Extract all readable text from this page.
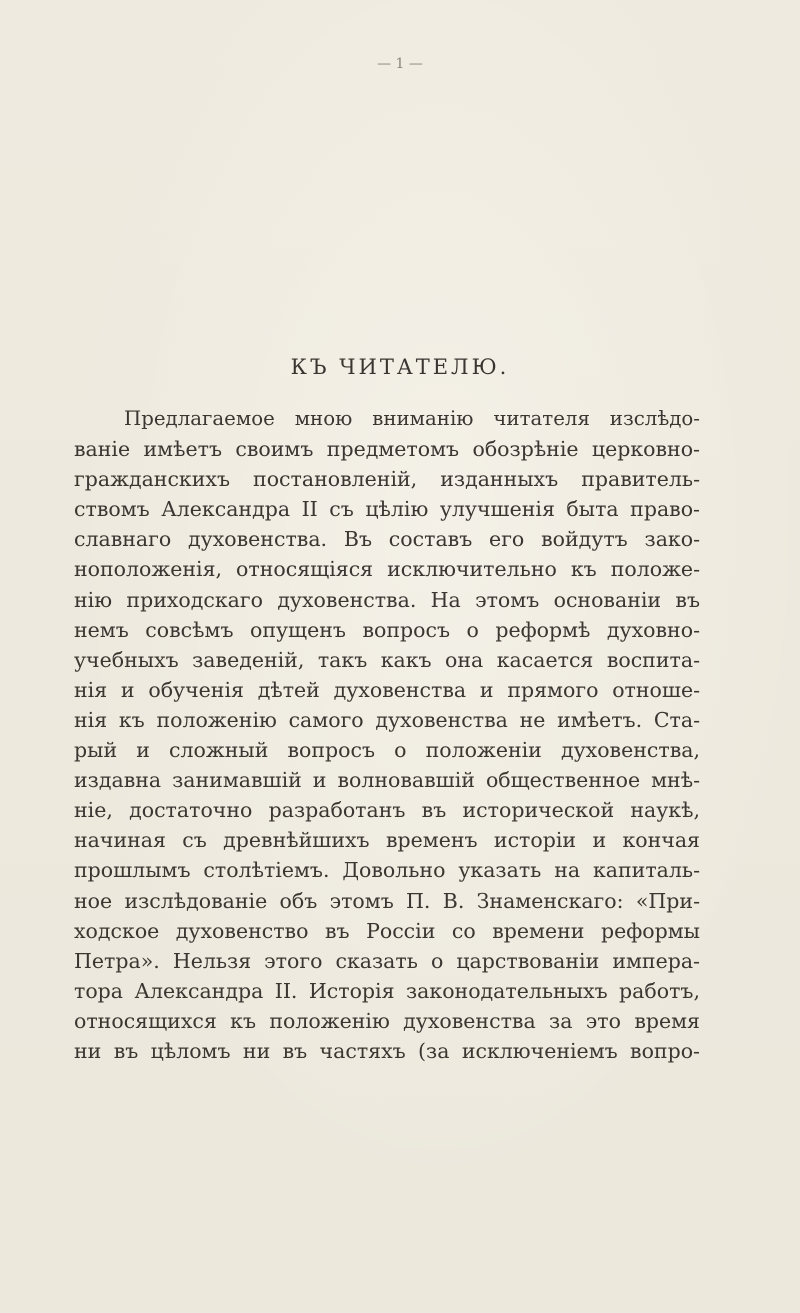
— 1 —
КЪ ЧИТАТЕЛЮ.
Предлагаемое мною вниманію читателя изслѣдо-
ваніе имѣетъ своимъ предметомъ обозрѣніе церковно-
гражданскихъ постановленій, изданныхъ правитель-
ствомъ Александра II съ цѣлію улучшенія быта право-
славнаго духовенства. Въ составъ его войдутъ зако-
ноположенія, относящіяся исключительно къ положе-
нію приходскаго духовенства. На этомъ основаніи въ
немъ совсѣмъ опущенъ вопросъ о реформѣ духовно-
учебныхъ заведеній, такъ какъ она касается воспита-
нія и обученія дѣтей духовенства и прямого отноше-
нія къ положенію самого духовенства не имѣетъ. Ста-
рый и сложный вопросъ о положеніи духовенства,
издавна занимавшій и волновавшій общественное мнѣ-
ніе, достаточно разработанъ въ исторической наукѣ,
начиная съ древнѣйшихъ временъ исторіи и кончая
прошлымъ столѣтіемъ. Довольно указать на капиталь-
ное изслѣдованіе объ этомъ П. В. Знаменскаго: «При-
ходское духовенство въ Россіи со времени реформы
Петра». Нельзя этого сказать о царствованіи импера-
тора Александра II. Исторія законодательныхъ работъ,
относящихся къ положенію духовенства за это время
ни въ цѣломъ ни въ частяхъ (за исключеніемъ вопро-
